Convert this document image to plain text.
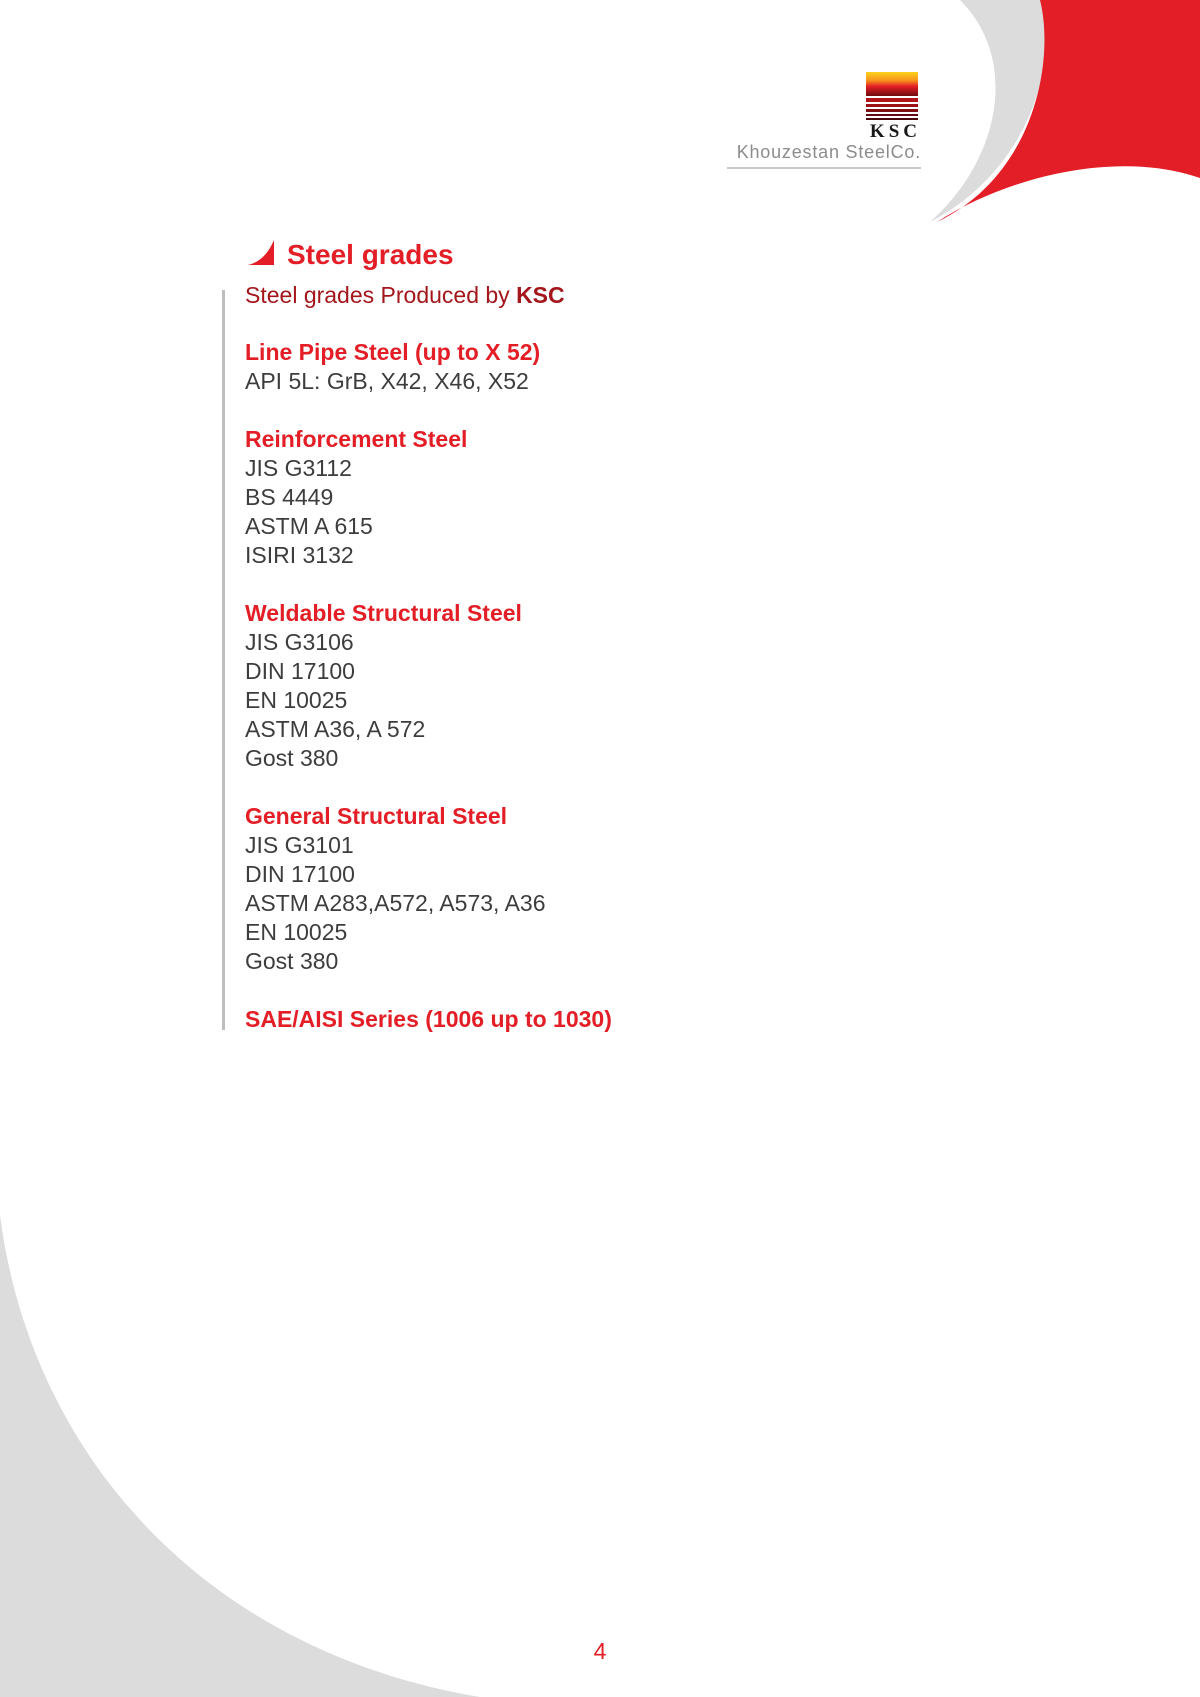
KSC
Khouzestan SteelCo.
Steel grades

Steel grades Produced by KSC

Line Pipe Steel (up to X 52)
API 5L: GrB, X42, X46, X52
Reinforcement Steel
JIS G3112
BS 4449
ASTM A 615
ISIRI 3132
Weldable Structural Steel
JIS G3106
DIN 17100
EN 10025
ASTM A36, A 572
Gost 380
General Structural Steel
JIS G3101
DIN 17100
ASTM A283,A572, A573, A36
EN 10025
Gost 380
SAE/AISI Series (1006 up to 1030)
4
